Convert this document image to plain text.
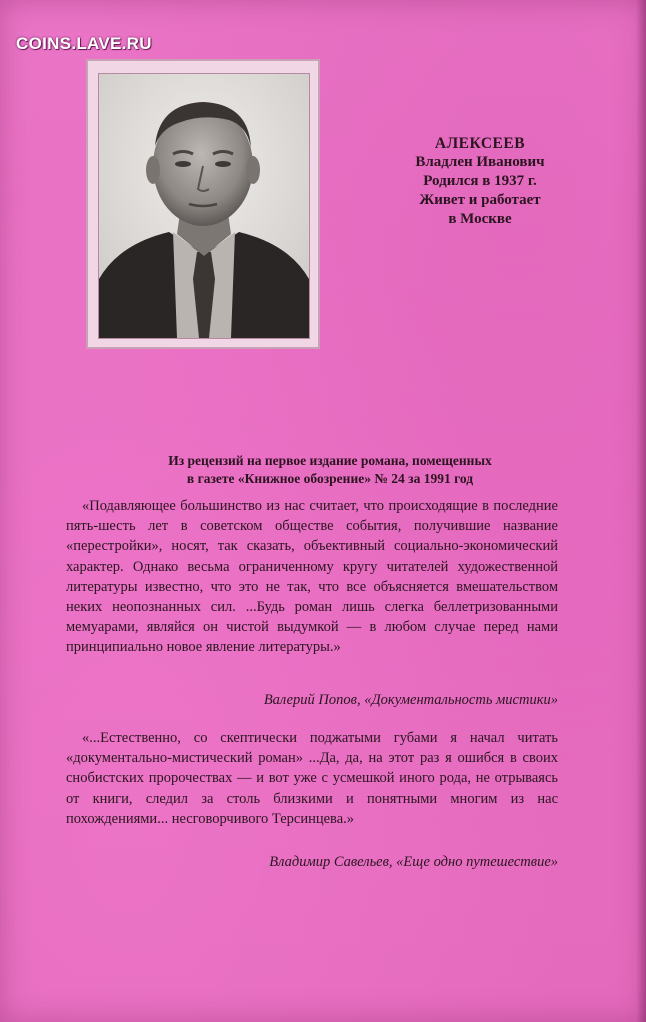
COINS.LAVE.RU
АЛЕКСЕЕВ
Владлен Иванович
Родился в 1937 г.
Живет и работает
в Москве
Из рецензий на первое издание романа, помещенных
в газете «Книжное обозрение» № 24 за 1991 год

«Подавляющее большинство из нас считает, что происходящие в последние пять-шесть лет в советском обществе события, получившие название «перестройки», носят, так сказать, объективный социально-экономический характер. Однако весьма ограниченному кругу читателей художественной литературы известно, что это не так, что все объясняется вмешательством неких неопознанных сил. ...Будь роман лишь слегка беллетризованными мемуарами, являйся он чистой выдумкой — в любом случае перед нами принципиально новое явление литературы.»

Валерий Попов, «Документальность мистики»

«...Естественно, со скептически поджатыми губами я начал читать «документально-мистический роман» ...Да, да, на этот раз я ошибся в своих снобистских пророчествах — и вот уже с усмешкой иного рода, не отрываясь от книги, следил за столь близкими и понятными многим из нас похождениями... несговорчивого Терсинцева.»

Владимир Савельев, «Еще одно путешествие»
